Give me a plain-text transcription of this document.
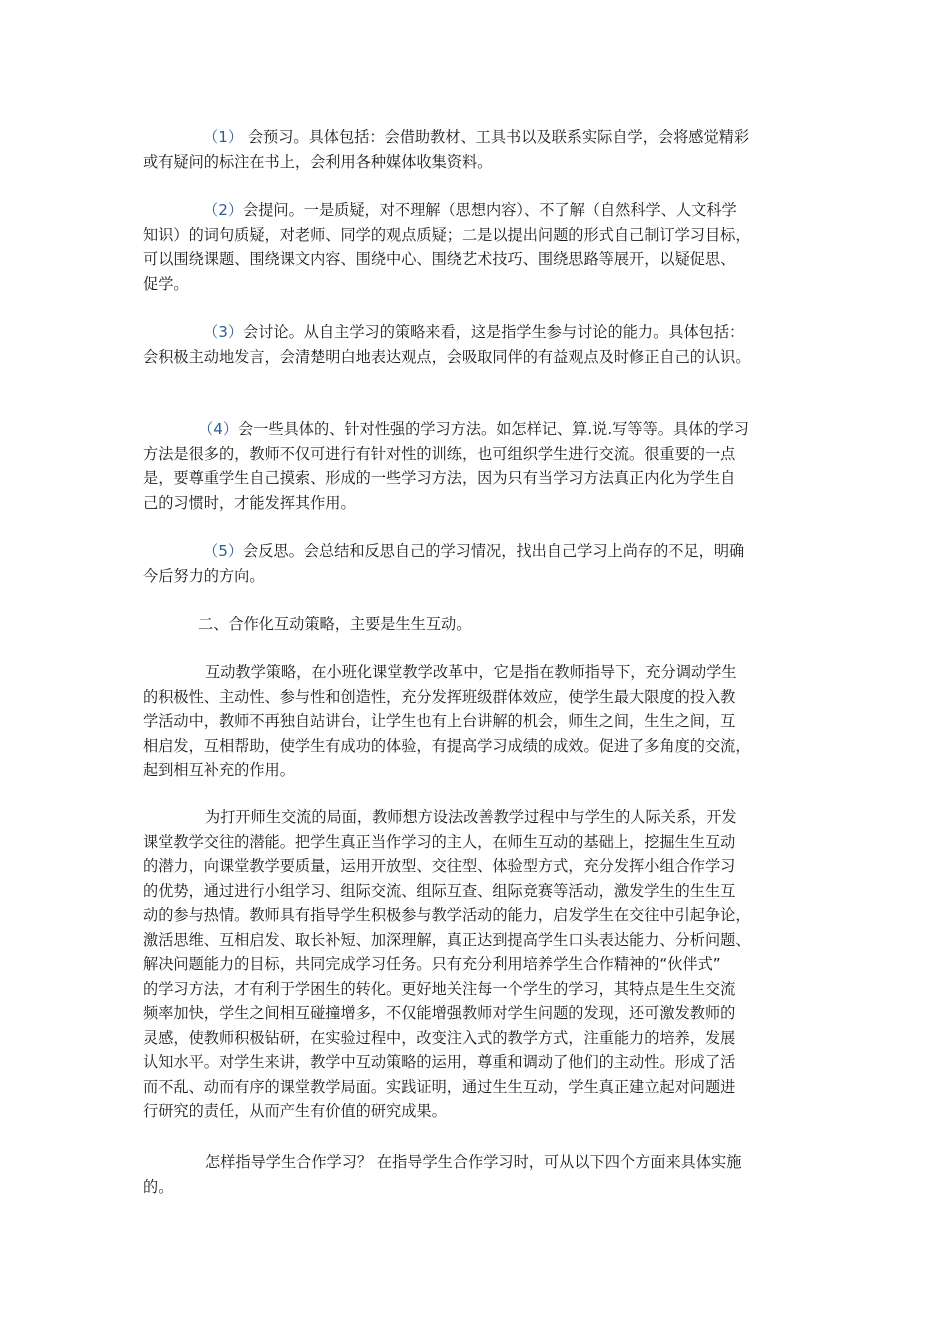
（1） 会预习。具体包括：会借助教材、工具书以及联系实际自学，会将感觉精彩
或有疑问的标注在书上，会利用各种媒体收集资料。
（2）会提问。一是质疑，对不理解（思想内容）、不了解（自然科学、人文科学
知识）的词句质疑，对老师、同学的观点质疑；二是以提出问题的形式自己制订学习目标，
可以围绕课题、围绕课文内容、围绕中心、围绕艺术技巧、围绕思路等展开，以疑促思、
促学。
（3）会讨论。从自主学习的策略来看，这是指学生参与讨论的能力。具体包括：
会积极主动地发言，会清楚明白地表达观点，会吸取同伴的有益观点及时修正自己的认识。
（4）会一些具体的、针对性强的学习方法。如怎样记、算.说.写等等。具体的学习
方法是很多的，教师不仅可进行有针对性的训练，也可组织学生进行交流。很重要的一点
是，要尊重学生自己摸索、形成的一些学习方法，因为只有当学习方法真正内化为学生自
己的习惯时，才能发挥其作用。
（5）会反思。会总结和反思自己的学习情况，找出自己学习上尚存的不足，明确
今后努力的方向。
二、合作化互动策略，主要是生生互动。
互动教学策略，在小班化课堂教学改革中，它是指在教师指导下，充分调动学生
的积极性、主动性、参与性和创造性，充分发挥班级群体效应，使学生最大限度的投入教
学活动中，教师不再独自站讲台，让学生也有上台讲解的机会，师生之间，生生之间，互
相启发，互相帮助，使学生有成功的体验，有提高学习成绩的成效。促进了多角度的交流，
起到相互补充的作用。
为打开师生交流的局面，教师想方设法改善教学过程中与学生的人际关系，开发
课堂教学交往的潜能。把学生真正当作学习的主人，在师生互动的基础上，挖掘生生互动
的潜力，向课堂教学要质量，运用开放型、交往型、体验型方式，充分发挥小组合作学习
的优势，通过进行小组学习、组际交流、组际互查、组际竞赛等活动，激发学生的生生互
动的参与热情。教师具有指导学生积极参与教学活动的能力，启发学生在交往中引起争论，
激活思维、互相启发、取长补短、加深理解，真正达到提高学生口头表达能力、分析问题、
解决问题能力的目标，共同完成学习任务。只有充分利用培养学生合作精神的“伙伴式”
的学习方法，才有利于学困生的转化。更好地关注每一个学生的学习，其特点是生生交流
频率加快，学生之间相互碰撞增多，不仅能增强教师对学生问题的发现，还可激发教师的
灵感，使教师积极钻研，在实验过程中，改变注入式的教学方式，注重能力的培养，发展
认知水平。对学生来讲，教学中互动策略的运用，尊重和调动了他们的主动性。形成了活
而不乱、动而有序的课堂教学局面。实践证明，通过生生互动，学生真正建立起对问题进
行研究的责任，从而产生有价值的研究成果。
怎样指导学生合作学习？ 在指导学生合作学习时，可从以下四个方面来具体实施
的。
